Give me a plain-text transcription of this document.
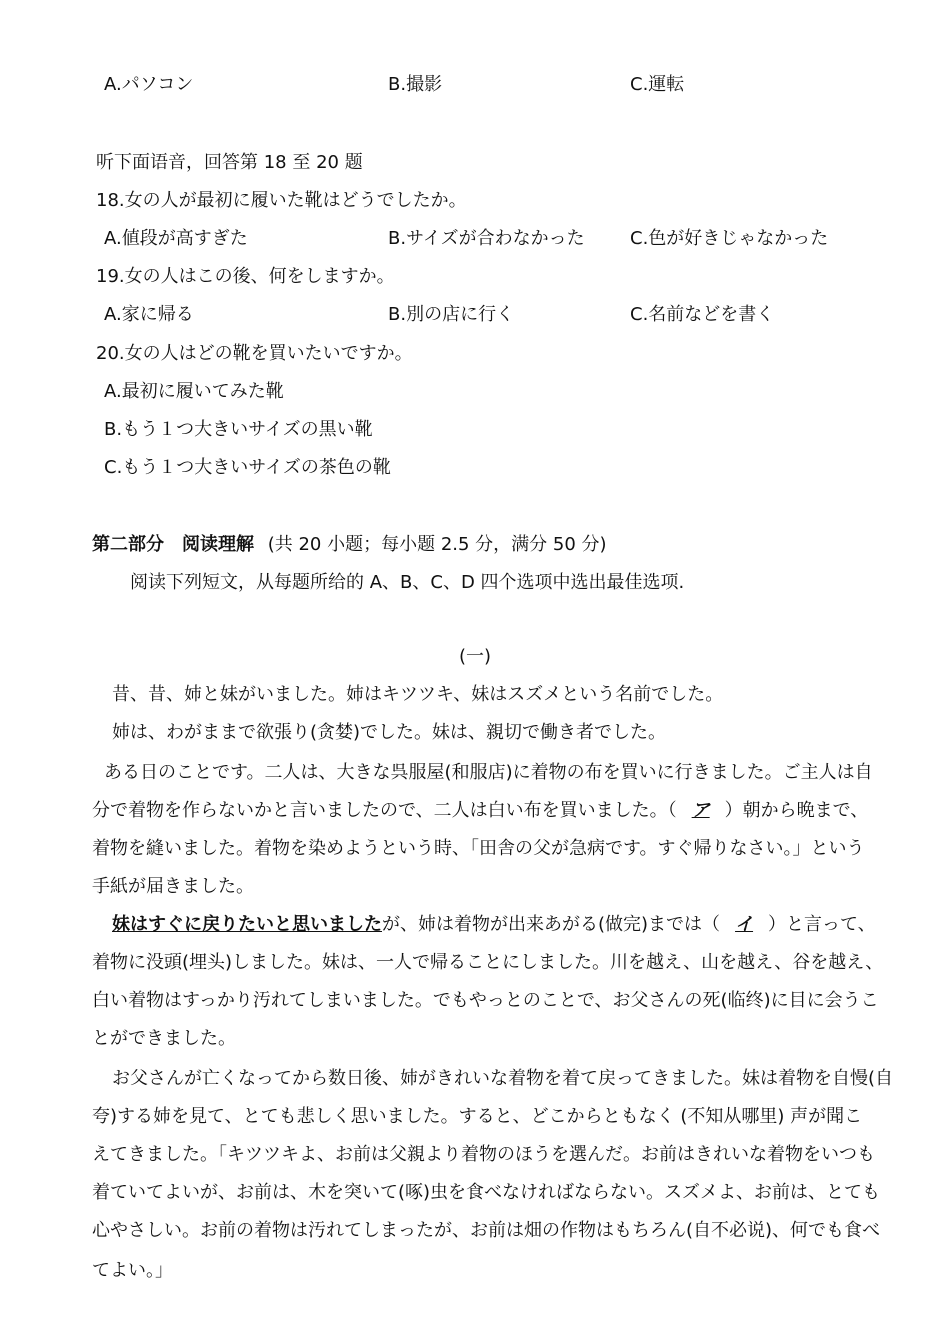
A.パソコン	B.撮影	C.運転
听下面语音，回答第 18 至 20 题
18.女の人が最初に履いた靴はどうでしたか。
A.値段が高すぎた	B.サイズが合わなかった	C.色が好きじゃなかった
19.女の人はこの後、何をしますか。
A.家に帰る	B.別の店に行く	C.名前などを書く
20.女の人はどの靴を買いたいですか。
A.最初に履いてみた靴
B.もう１つ大きいサイズの黒い靴
C.もう１つ大きいサイズの茶色の靴
第二部分　阅读理解 (共 20 小题；每小题 2.5 分，满分 50 分)
阅读下列短文，从每题所给的 A、B、C、D 四个选项中选出最佳选项.
(一)
昔、昔、姉と妹がいました。姉はキツツキ、妹はスズメという名前でした。
姉は、わがままで欲張り(贪婪)でした。妹は、親切で働き者でした。
ある日のことです。二人は、大きな呉服屋(和服店)に着物の布を買いに行きました。ご主人は自
分で着物を作らないかと言いましたので、二人は白い布を買いました。（ ア ）朝から晩まで、
着物を縫いました。着物を染めようという時、「田舎の父が急病です。すぐ帰りなさい。」という
手紙が届きました。
妹はすぐに戻りたいと思いましたが、姉は着物が出来あがる(做完)までは（ イ ）と言って、
着物に没頭(埋头)しました。妹は、一人で帰ることにしました。川を越え、山を越え、谷を越え、
白い着物はすっかり汚れてしまいました。でもやっとのことで、お父さんの死(临终)に目に会うこ
とができました。
お父さんが亡くなってから数日後、姉がきれいな着物を着て戻ってきました。妹は着物を自慢(自
夸)する姉を見て、とても悲しく思いました。すると、どこからともなく (不知从哪里) 声が聞こ
えてきました。「キツツキよ、お前は父親より着物のほうを選んだ。お前はきれいな着物をいつも
着ていてよいが、お前は、木を突いて(啄)虫を食べなければならない。スズメよ、お前は、とても
心やさしい。お前の着物は汚れてしまったが、お前は畑の作物はもちろん(自不必说)、何でも食べ
てよい。」
